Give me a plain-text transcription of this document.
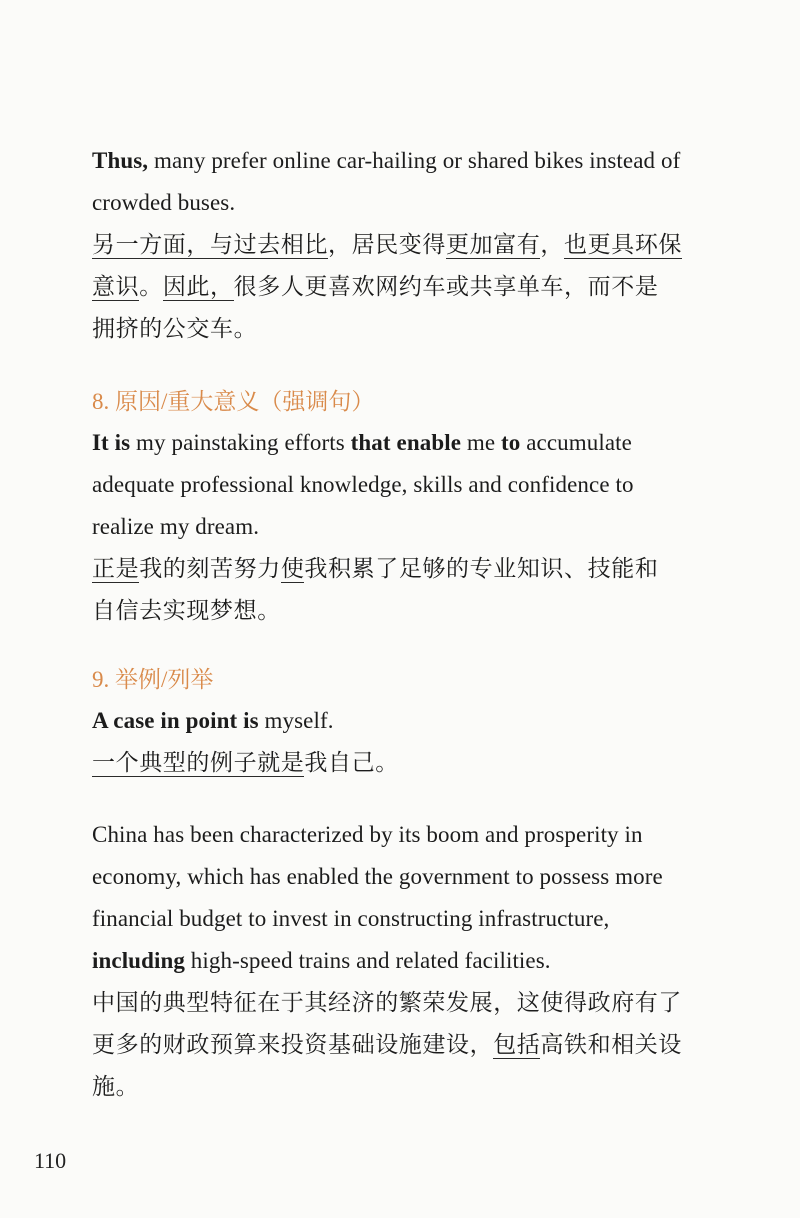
Thus, many prefer online car-hailing or shared bikes instead of crowded buses.

另一方面，与过去相比，居民变得更加富有，也更具环保意识。因此，很多人更喜欢网约车或共享单车，而不是拥挤的公交车。

8. 原因/重大意义（强调句）

It is my painstaking efforts that enable me to accumulate adequate professional knowledge, skills and confidence to realize my dream.

正是我的刻苦努力使我积累了足够的专业知识、技能和自信去实现梦想。

9. 举例/列举

A case in point is myself.

一个典型的例子就是我自己。

China has been characterized by its boom and prosperity in economy, which has enabled the government to possess more financial budget to invest in constructing infrastructure, including high-speed trains and related facilities.

中国的典型特征在于其经济的繁荣发展，这使得政府有了更多的财政预算来投资基础设施建设，包括高铁和相关设施。

110
